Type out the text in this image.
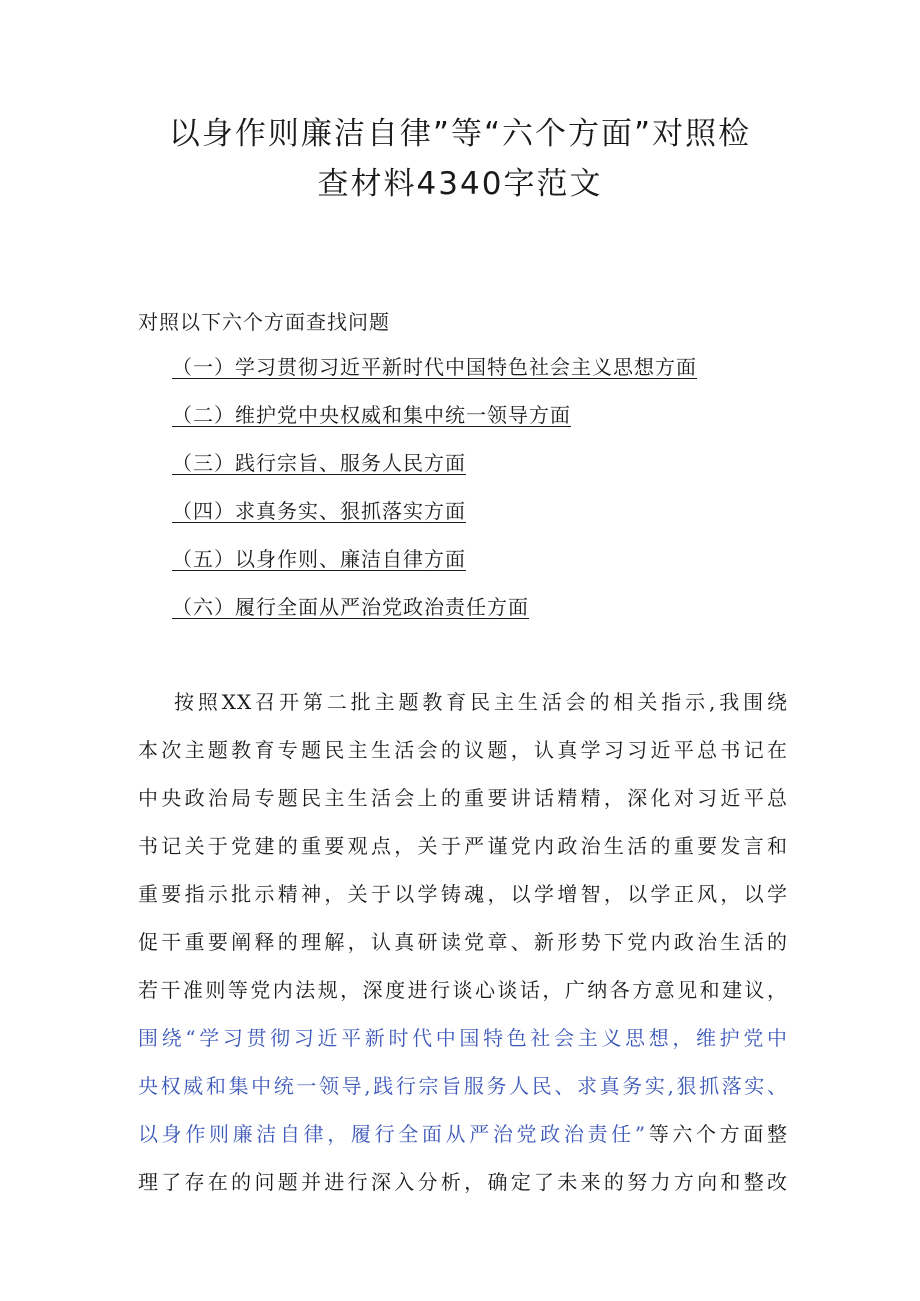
以身作则廉洁自律”等“六个方面”对照检
查材料4340字范文

对照以下六个方面查找问题

（一）学习贯彻习近平新时代中国特色社会主义思想方面
（二）维护党中央权威和集中统一领导方面
（三）践行宗旨、服务人民方面
（四）求真务实、狠抓落实方面
（五）以身作则、廉洁自律方面
（六）履行全面从严治党政治责任方面
按照XX召开第二批主题教育民主生活会的相关指示,我围绕
本次主题教育专题民主生活会的议题，认真学习习近平总书记在
中央政治局专题民主生活会上的重要讲话精精，深化对习近平总
书记关于党建的重要观点，关于严谨党内政治生活的重要发言和
重要指示批示精神，关于以学铸魂，以学增智，以学正风，以学
促干重要阐释的理解，认真研读党章、新形势下党内政治生活的
若干准则等党内法规，深度进行谈心谈话，广纳各方意见和建议，
围绕“学习贯彻习近平新时代中国特色社会主义思想，维护党中
央权威和集中统一领导,践行宗旨服务人民、求真务实,狠抓落实、
以身作则廉洁自律，履行全面从严治党政治责任”等六个方面整
理了存在的问题并进行深入分析，确定了未来的努力方向和整改
